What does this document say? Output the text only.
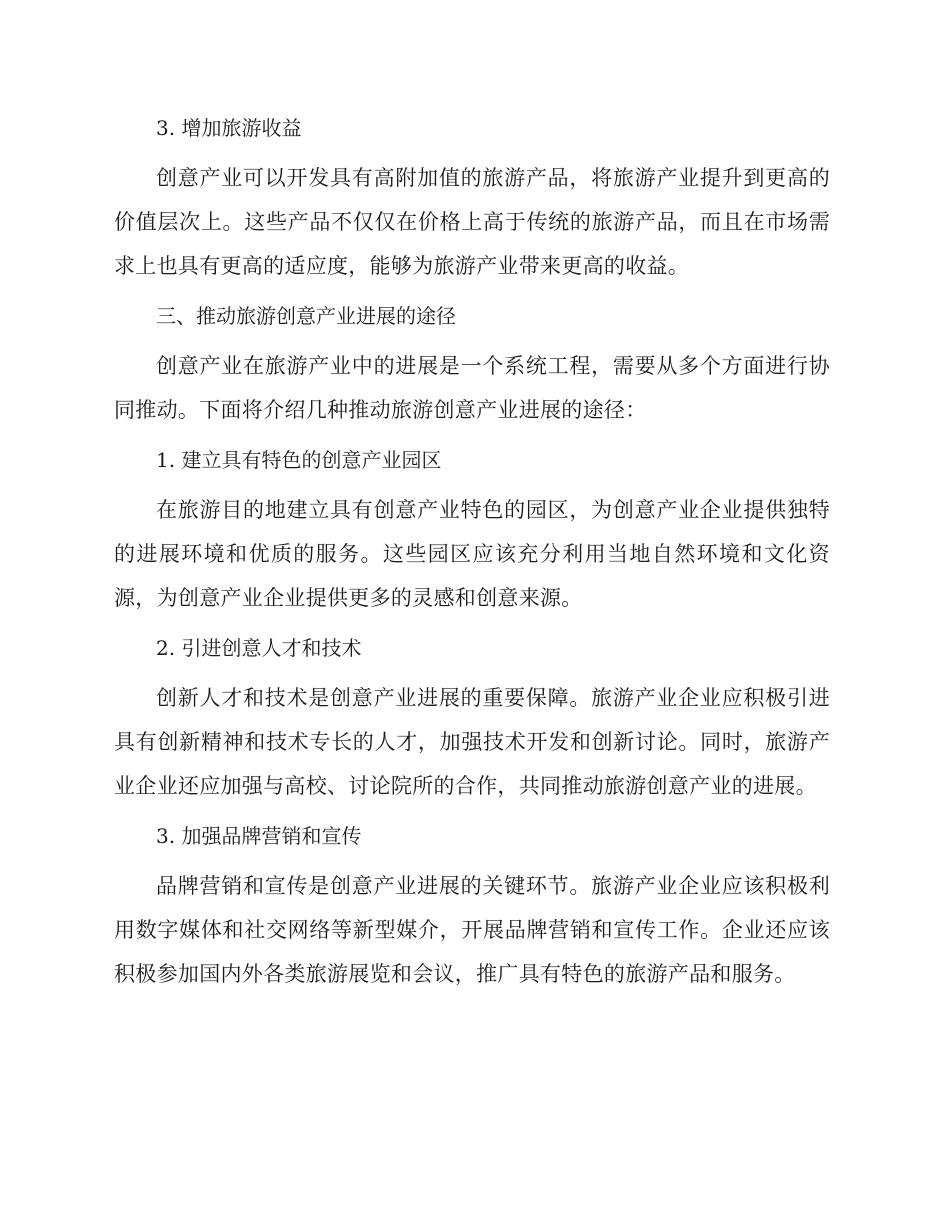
3. 增加旅游收益

创意产业可以开发具有高附加值的旅游产品，将旅游产业提升到更高的价值层次上。这些产品不仅仅在价格上高于传统的旅游产品，而且在市场需求上也具有更高的适应度，能够为旅游产业带来更高的收益。

三、推动旅游创意产业进展的途径

创意产业在旅游产业中的进展是一个系统工程，需要从多个方面进行协同推动。下面将介绍几种推动旅游创意产业进展的途径：

1. 建立具有特色的创意产业园区

在旅游目的地建立具有创意产业特色的园区，为创意产业企业提供独特的进展环境和优质的服务。这些园区应该充分利用当地自然环境和文化资源，为创意产业企业提供更多的灵感和创意来源。

2. 引进创意人才和技术

创新人才和技术是创意产业进展的重要保障。旅游产业企业应积极引进具有创新精神和技术专长的人才，加强技术开发和创新讨论。同时，旅游产业企业还应加强与高校、讨论院所的合作，共同推动旅游创意产业的进展。

3. 加强品牌营销和宣传

品牌营销和宣传是创意产业进展的关键环节。旅游产业企业应该积极利用数字媒体和社交网络等新型媒介，开展品牌营销和宣传工作。企业还应该积极参加国内外各类旅游展览和会议，推广具有特色的旅游产品和服务。
